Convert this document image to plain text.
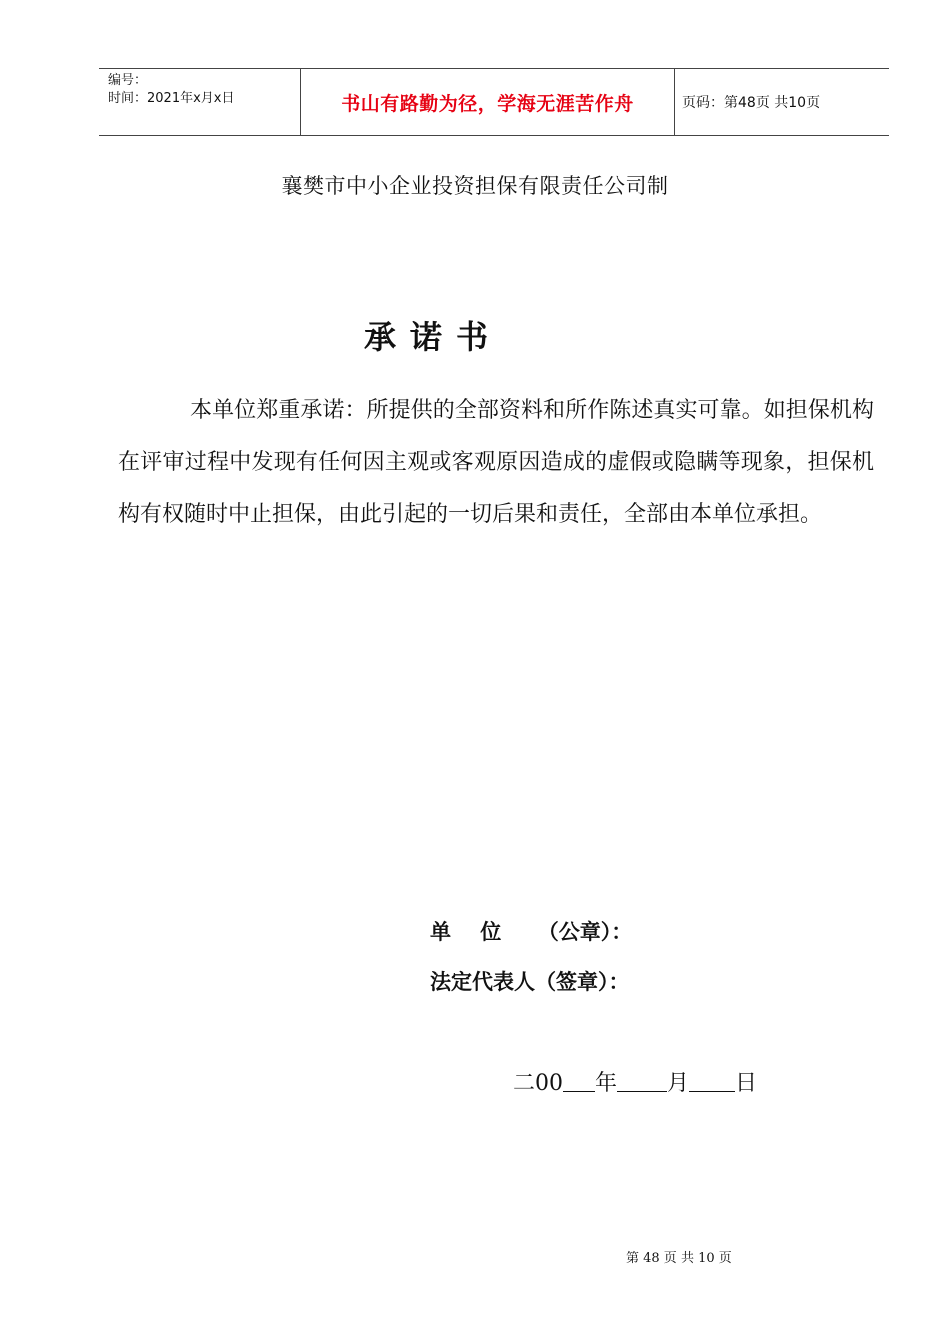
编号：
时间：2021年x月x日	书山有路勤为径，学海无涯苦作舟	页码：第48页 共10页
襄樊市中小企业投资担保有限责任公司制
承诺书
本单位郑重承诺：所提供的全部资料和所作陈述真实可靠。如担保机构在评审过程中发现有任何因主观或客观原因造成的虚假或隐瞒等现象，担保机构有权随时中止担保，由此引起的一切后果和责任，全部由本单位承担。
单    位     （公章）：
法定代表人（签章）：
二00 年 月 日
第 48 页 共 10 页
